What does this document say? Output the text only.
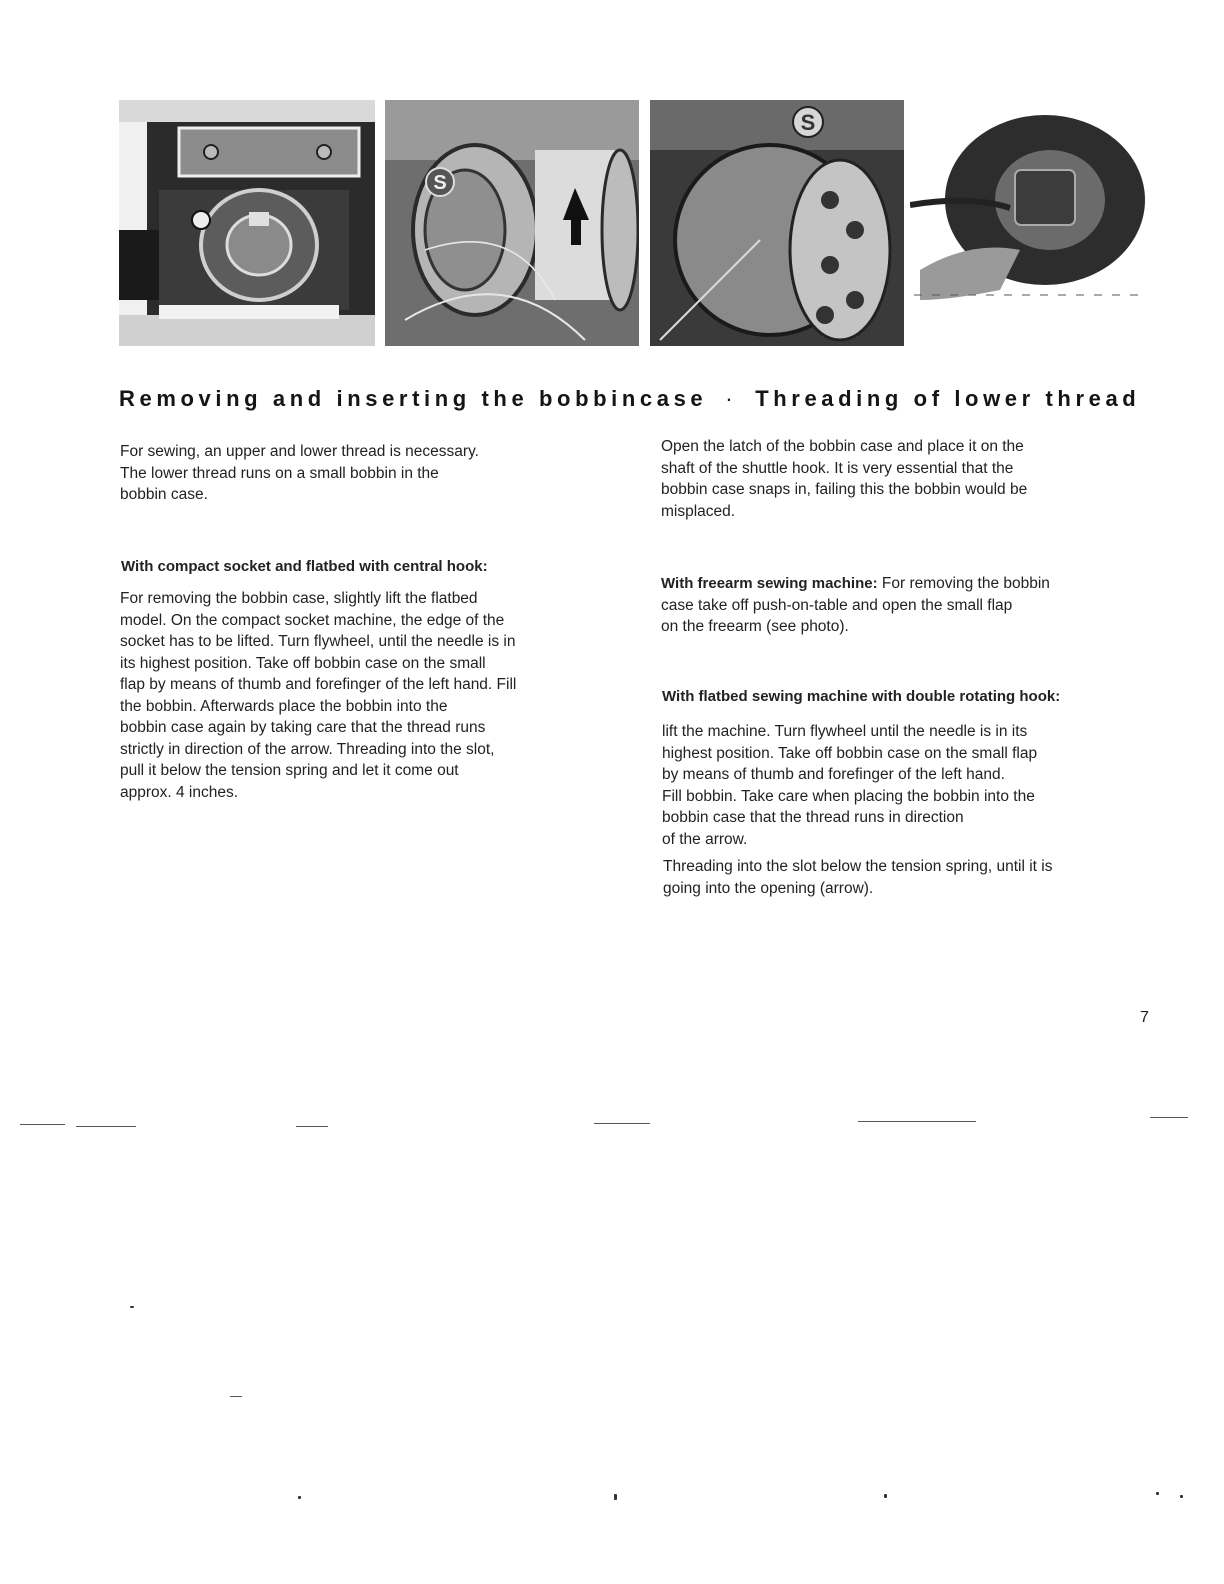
S
S
Removing and inserting the bobbincase · Threading of lower thread

For sewing, an upper and lower thread is necessary.

The lower thread runs on a small bobbin in the

bobbin case.

With compact socket and flatbed with central hook:

For removing the bobbin case, slightly lift the flatbed

model. On the compact socket machine, the edge of the

socket has to be lifted. Turn flywheel, until the needle is in

its highest position. Take off bobbin case on the small

flap by means of thumb and forefinger of the left hand. Fill

the bobbin. Afterwards place the bobbin into the

bobbin case again by taking care that the thread runs

strictly in direction of the arrow. Threading into the slot,

pull it below the tension spring and let it come out

approx. 4 inches.

Open the latch of the bobbin case and place it on the

shaft of the shuttle hook. It is very essential that the

bobbin case snaps in, failing this the bobbin would be

misplaced.

With freearm sewing machine: For removing the bobbin

case take off push-on-table and open the small flap

on the freearm (see photo).

With flatbed sewing machine with double rotating hook:

lift the machine. Turn flywheel until the needle is in its

highest position. Take off bobbin case on the small flap

by means of thumb and forefinger of the left hand.

Fill bobbin. Take care when placing the bobbin into the

bobbin case that the thread runs in direction

of the arrow.

Threading into the slot below the tension spring, until it is

going into the opening (arrow).

7
